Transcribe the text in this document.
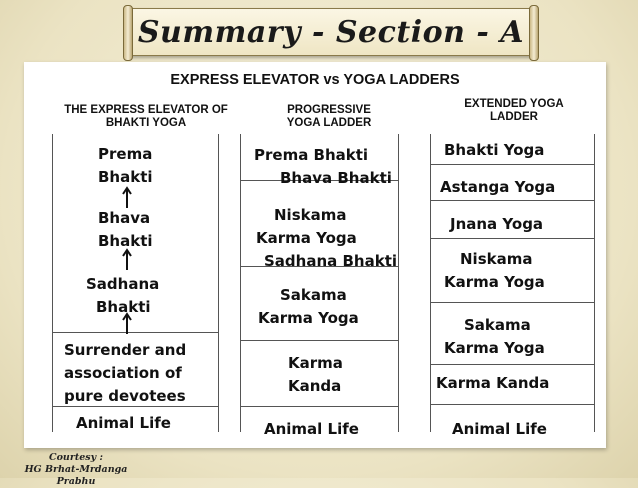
Summary - Section - A
EXPRESS ELEVATOR vs YOGA LADDERS
THE EXPRESS ELEVATOR OF
BHAKTI YOGA
PROGRESSIVE
YOGA LADDER
EXTENDED YOGA
LADDER
Prema
Bhakti
Bhava
Bhakti
Sadhana
Bhakti
Surrender and
association of
pure devotees
Animal Life
Prema Bhakti
Bhava Bhakti
Niskama
Karma Yoga
Sadhana Bhakti
Sakama
Karma Yoga
Karma
Kanda
Animal Life
Bhakti Yoga
Astanga Yoga
Jnana Yoga
Niskama
Karma Yoga
Sakama
Karma Yoga
Karma Kanda
Animal Life
Courtesy :
HG Brhat-Mrdanga Prabhu
